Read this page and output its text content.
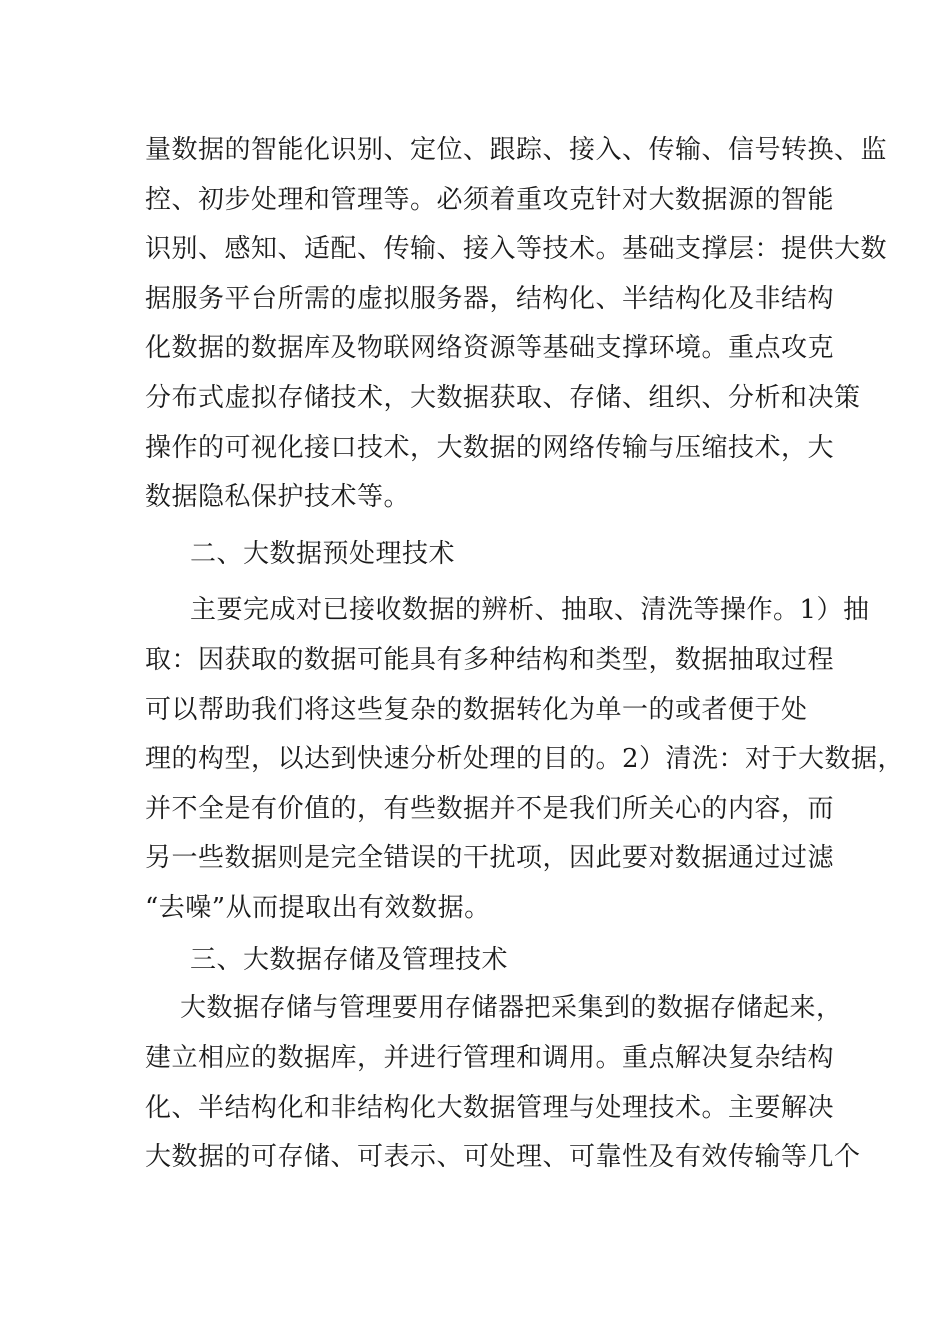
量数据的智能化识别、定位、跟踪、接入、传输、信号转换、监
控、初步处理和管理等。必须着重攻克针对大数据源的智能
识别、感知、适配、传输、接入等技术。基础支撑层：提供大数
据服务平台所需的虚拟服务器，结构化、半结构化及非结构
化数据的数据库及物联网络资源等基础支撑环境。重点攻克
分布式虚拟存储技术，大数据获取、存储、组织、分析和决策
操作的可视化接口技术，大数据的网络传输与压缩技术，大
数据隐私保护技术等。
二、大数据预处理技术
主要完成对已接收数据的辨析、抽取、清洗等操作。1）抽
取：因获取的数据可能具有多种结构和类型，数据抽取过程
可以帮助我们将这些复杂的数据转化为单一的或者便于处
理的构型，以达到快速分析处理的目的。2）清洗：对于大数据，
并不全是有价值的，有些数据并不是我们所关心的内容，而
另一些数据则是完全错误的干扰项，因此要对数据通过过滤
“去噪”从而提取出有效数据。
三、大数据存储及管理技术
大数据存储与管理要用存储器把采集到的数据存储起来，
建立相应的数据库，并进行管理和调用。重点解决复杂结构
化、半结构化和非结构化大数据管理与处理技术。主要解决
大数据的可存储、可表示、可处理、可靠性及有效传输等几个
